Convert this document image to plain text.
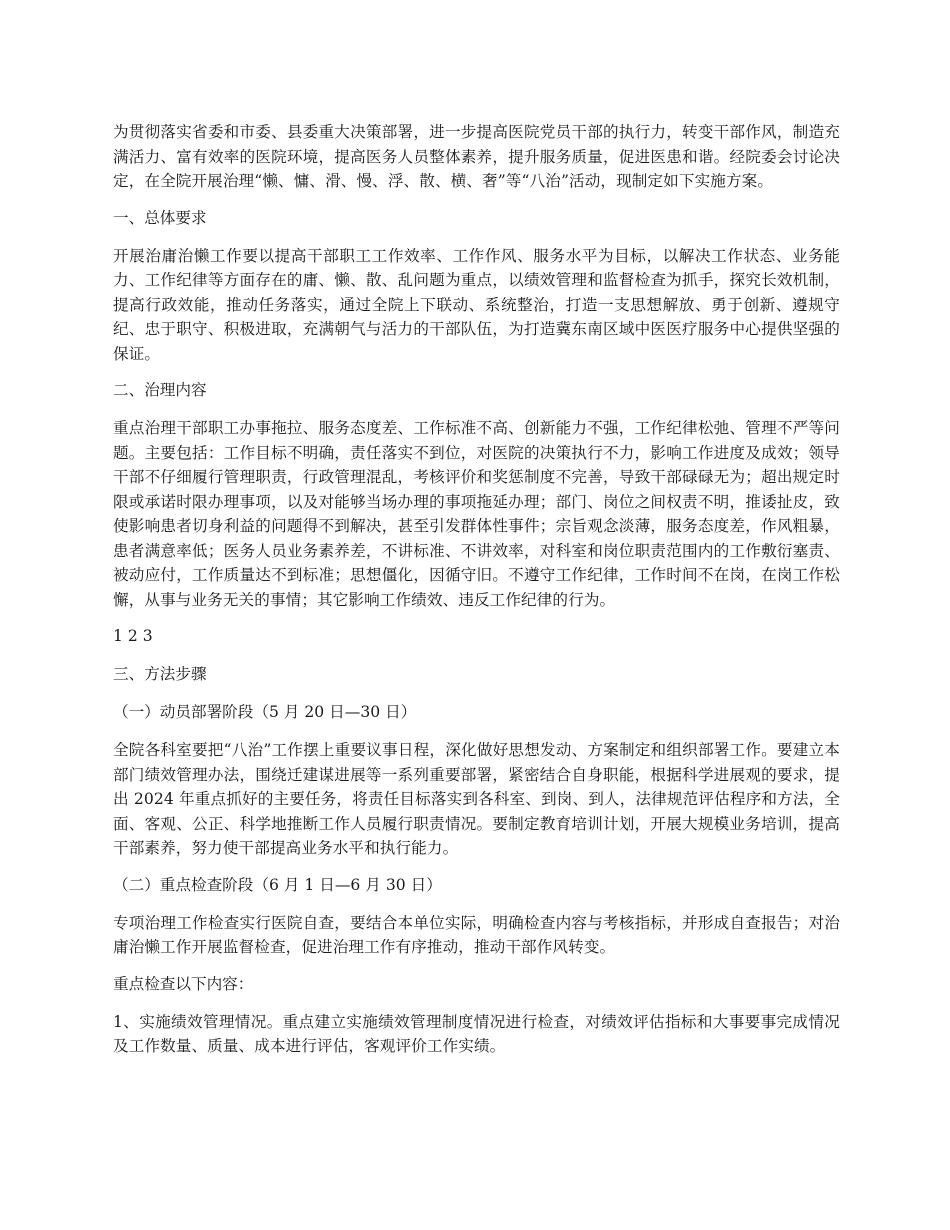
为贯彻落实省委和市委、县委重大决策部署，进一步提高医院党员干部的执行力，转变干部作风，制造充满活力、富有效率的医院环境，提高医务人员整体素养，提升服务质量，促进医患和谐。经院委会讨论决定，在全院开展治理“懒、慵、滑、慢、浮、散、横、奢”等“八治”活动，现制定如下实施方案。

一、总体要求

开展治庸治懒工作要以提高干部职工工作效率、工作作风、服务水平为目标，以解决工作状态、业务能力、工作纪律等方面存在的庸、懒、散、乱问题为重点，以绩效管理和监督检查为抓手，探究长效机制，提高行政效能，推动任务落实，通过全院上下联动、系统整治，打造一支思想解放、勇于创新、遵规守纪、忠于职守、积极进取，充满朝气与活力的干部队伍，为打造冀东南区域中医医疗服务中心提供坚强的保证。

二、治理内容

重点治理干部职工办事拖拉、服务态度差、工作标准不高、创新能力不强，工作纪律松弛、管理不严等问题。主要包括：工作目标不明确，责任落实不到位，对医院的决策执行不力，影响工作进度及成效；领导干部不仔细履行管理职责，行政管理混乱，考核评价和奖惩制度不完善，导致干部碌碌无为；超出规定时限或承诺时限办理事项，以及对能够当场办理的事项拖延办理；部门、岗位之间权责不明，推诿扯皮，致使影响患者切身利益的问题得不到解决，甚至引发群体性事件；宗旨观念淡薄，服务态度差，作风粗暴，患者满意率低；医务人员业务素养差，不讲标准、不讲效率，对科室和岗位职责范围内的工作敷衍塞责、被动应付，工作质量达不到标准；思想僵化，因循守旧。不遵守工作纪律，工作时间不在岗，在岗工作松懈，从事与业务无关的事情；其它影响工作绩效、违反工作纪律的行为。

1 2 3

三、方法步骤

（一）动员部署阶段（5 月 20 日—30 日）

全院各科室要把“八治”工作摆上重要议事日程，深化做好思想发动、方案制定和组织部署工作。要建立本部门绩效管理办法，围绕迁建谋进展等一系列重要部署，紧密结合自身职能，根据科学进展观的要求，提出 2024 年重点抓好的主要任务，将责任目标落实到各科室、到岗、到人，法律规范评估程序和方法，全面、客观、公正、科学地推断工作人员履行职责情况。要制定教育培训计划，开展大规模业务培训，提高干部素养，努力使干部提高业务水平和执行能力。

（二）重点检查阶段（6 月 1 日—6 月 30 日）

专项治理工作检查实行医院自查，要结合本单位实际，明确检查内容与考核指标，并形成自查报告；对治庸治懒工作开展监督检查，促进治理工作有序推动，推动干部作风转变。

重点检查以下内容：

1、实施绩效管理情况。重点建立实施绩效管理制度情况进行检查，对绩效评估指标和大事要事完成情况及工作数量、质量、成本进行评估，客观评价工作实绩。
